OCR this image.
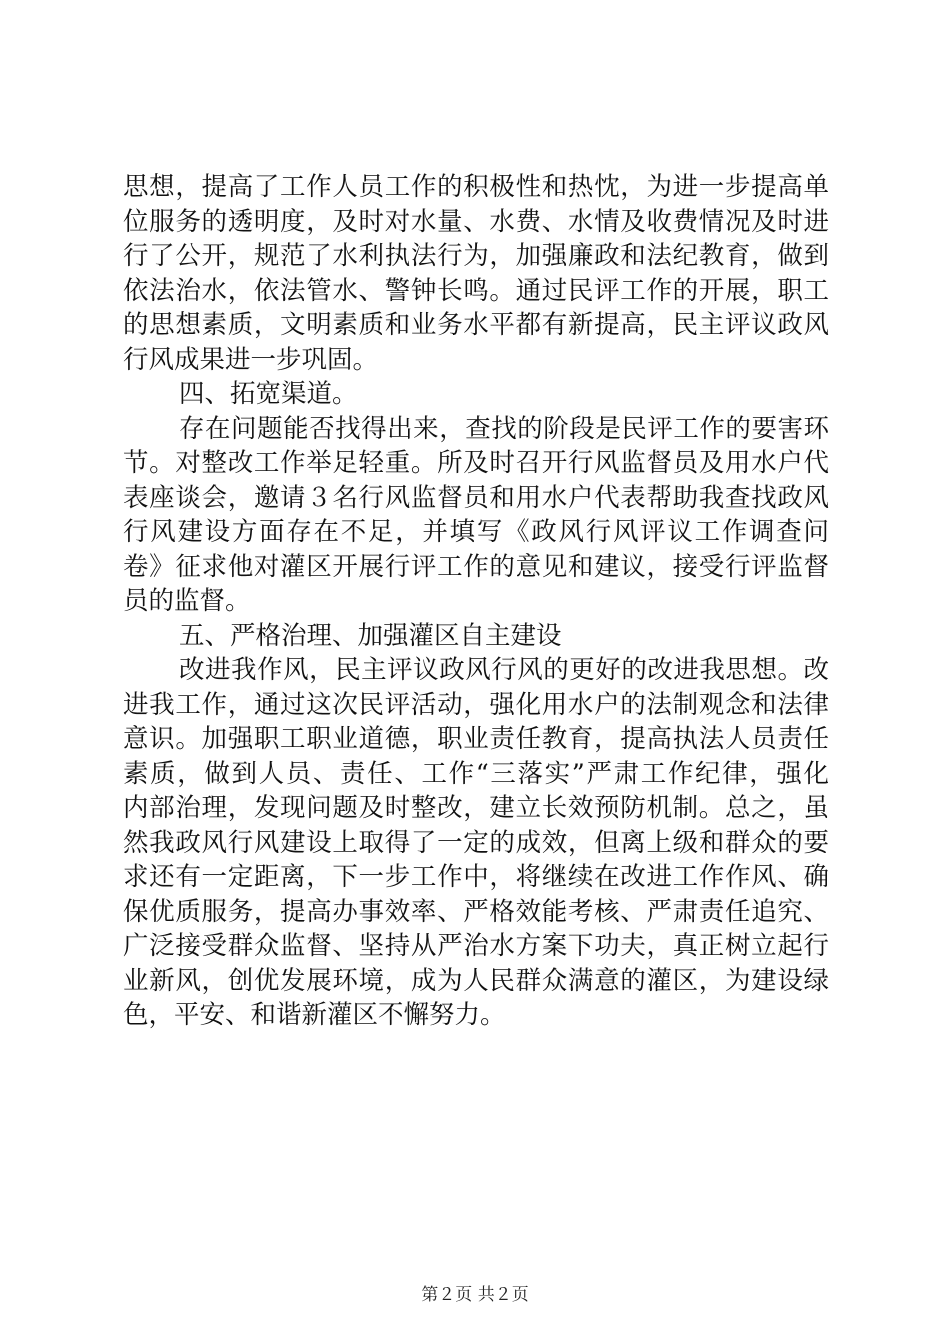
思想，提高了工作人员工作的积极性和热忱，为进一步提高单
位服务的透明度，及时对水量、水费、水情及收费情况及时进
行了公开，规范了水利执法行为，加强廉政和法纪教育，做到
依法治水，依法管水、警钟长鸣。通过民评工作的开展，职工
的思想素质，文明素质和业务水平都有新提高，民主评议政风
行风成果进一步巩固。
四、拓宽渠道。
存在问题能否找得出来，查找的阶段是民评工作的要害环
节。对整改工作举足轻重。所及时召开行风监督员及用水户代
表座谈会，邀请３名行风监督员和用水户代表帮助我查找政风
行风建设方面存在不足，并填写《政风行风评议工作调查问
卷》征求他对灌区开展行评工作的意见和建议，接受行评监督
员的监督。
五、严格治理、加强灌区自主建设
改进我作风，民主评议政风行风的更好的改进我思想。改
进我工作，通过这次民评活动，强化用水户的法制观念和法律
意识。加强职工职业道德，职业责任教育，提高执法人员责任
素质，做到人员、责任、工作“三落实”严肃工作纪律，强化
内部治理，发现问题及时整改，建立长效预防机制。总之，虽
然我政风行风建设上取得了一定的成效，但离上级和群众的要
求还有一定距离，下一步工作中，将继续在改进工作作风、确
保优质服务，提高办事效率、严格效能考核、严肃责任追究、
广泛接受群众监督、坚持从严治水方案下功夫，真正树立起行
业新风，创优发展环境，成为人民群众满意的灌区，为建设绿
色，平安、和谐新灌区不懈努力。
第２页 共２页
